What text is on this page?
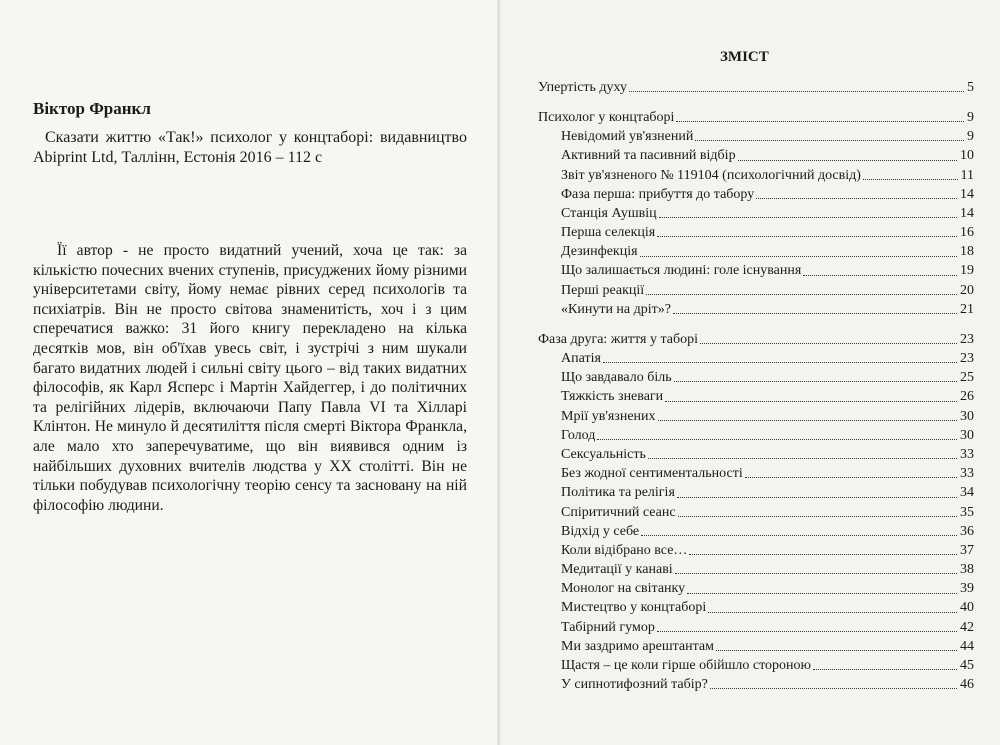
Віктор Франкл
Сказати життю «Так!» психолог у концтаборі: видавництво Abiprint Ltd, Таллінн, Естонія 2016 – 112 с
Її автор - не просто видатний учений, хоча це так: за кількістю почесних вчених ступенів, присуджених йому різними університетами світу, йому немає рівних серед психологів та психіатрів. Він не просто світова знаменитість, хоч і з цим сперечатися важко: 31 його книгу перекладено на кілька десятків мов, він об'їхав увесь світ, і зустрічі з ним шукали багато видатних людей і сильні світу цього – від таких видатних філософів, як Карл Ясперс і Мартін Хайдеггер, і до політичних та релігійних лідерів, включаючи Папу Павла VI та Хілларі Клінтон. Не минуло й десятиліття після смерті Віктора Франкла, але мало хто заперечуватиме, що він виявився одним із найбільших духовних вчителів людства у XX столітті. Він не тільки побудував психологічну теорію сенсу та засновану на ній філософію людини.
ЗМІСТ
Упертість духу	5
Психолог у концтаборі	9
Невідомий ув'язнений	9
Активний та пасивний відбір	10
Звіт ув'язненого № 119104 (психологічний досвід)	11
Фаза перша: прибуття до табору	14
Станція Аушвіц	14
Перша селекція	16
Дезинфекція	18
Що залишається людині: голе існування	19
Перші реакції	20
«Кинути на дріт»?	21
Фаза друга: життя у таборі	23
Апатія	23
Що завдавало біль	25
Тяжкість зневаги	26
Мрії ув'язнених	30
Голод	30
Сексуальність	33
Без жодної сентиментальності	33
Політика та релігія	34
Спіритичний сеанс	35
Відхід у себе	36
Коли відібрано все…	37
Медитації у канаві	38
Монолог на світанку	39
Мистецтво у концтаборі	40
Табірний гумор	42
Ми заздримо арештантам	44
Щастя – це коли гірше обійшло стороною	45
У сипнотифозний табір?	46
